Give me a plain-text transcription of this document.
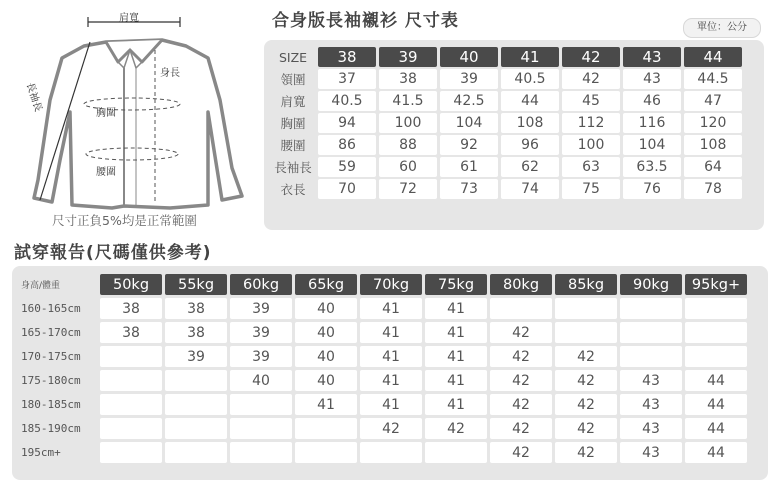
肩寬
長袖長
身長
胸圍
腰圍
尺寸正負5%均是正常範圍
合身版長袖襯衫 尺寸表	單位：公分
SIZE	38	39	40	41	42	43	44
領圍	37	38	39	40.5	42	43	44.5
肩寬	40.5	41.5	42.5	44	45	46	47
胸圍	94	100	104	108	112	116	120
腰圍	86	88	92	96	100	104	108
長袖長	59	60	61	62	63	63.5	64
衣長	70	72	73	74	75	76	78
試穿報告(尺碼僅供參考)
身高/體重	50kg	55kg	60kg	65kg	70kg	75kg	80kg	85kg	90kg	95kg+
160-165cm	38	38	39	40	41	41				
165-170cm	38	38	39	40	41	41	42			
170-175cm		39	39	40	41	41	42	42		
175-180cm			40	40	41	41	42	42	43	44
180-185cm				41	41	41	42	42	43	44
185-190cm					42	42	42	42	43	44
195cm+							42	42	43	44
